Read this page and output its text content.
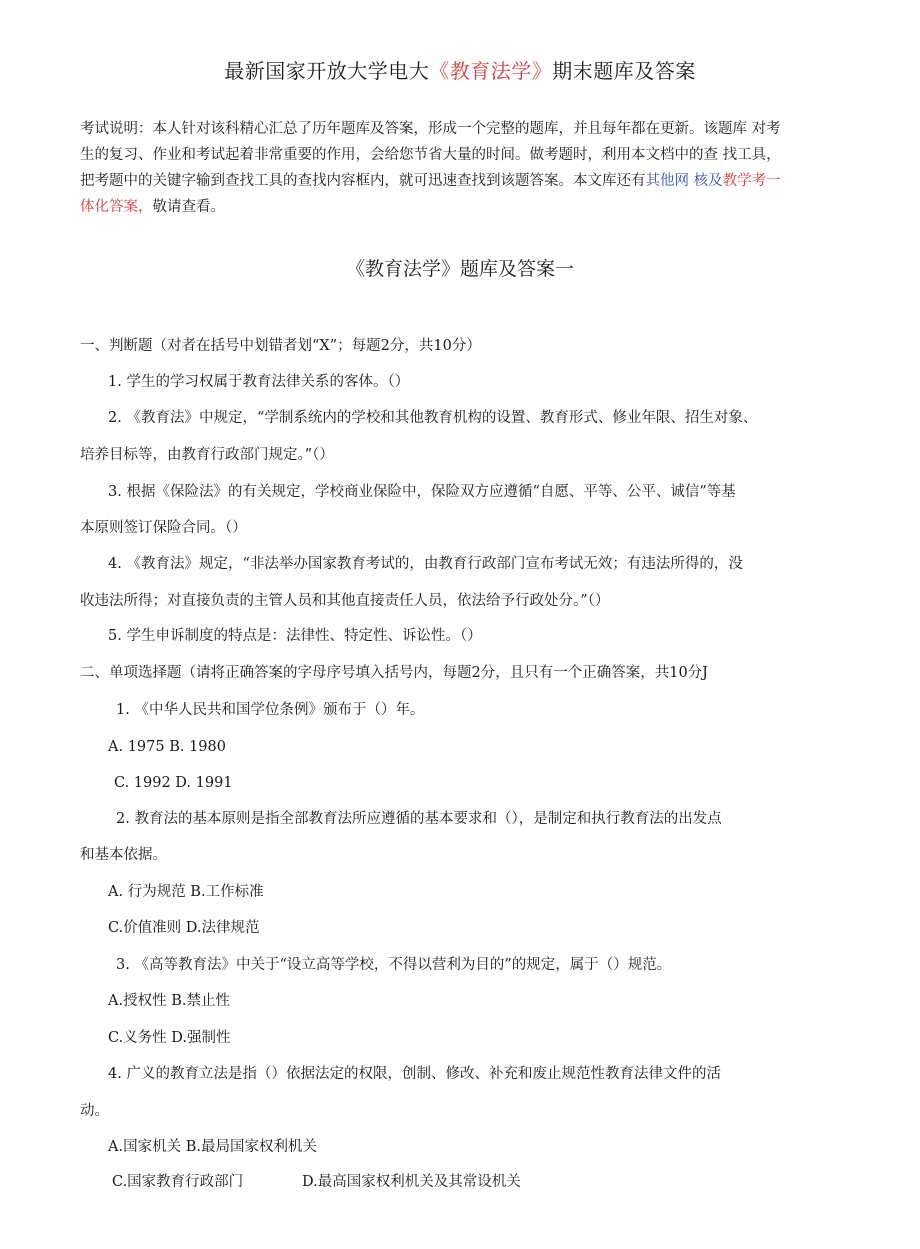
最新国家开放大学电大《教育法学》期末题库及答案
考试说明：本人针对该科精心汇总了历年题库及答案，形成一个完整的题库，并且每年都在更新。该题库 对考
生的复习、作业和考试起着非常重要的作用，会给您节省大量的时间。做考题时，利用本文档中的查 找工具，
把考题中的关键字输到查找工具的查找内容框内，就可迅速查找到该题答案。本文库还有其他网 核及教学考一
体化答案，敬请查看。
《教育法学》题库及答案一
一、判断题（对者在括号中划错者划“X”；每题2分，共10分）
1. 学生的学习权属于教育法律关系的客体。（）
2. 《教育法》中规定，“学制系统内的学校和其他教育机构的设置、教育形式、修业年限、招生对象、
培养目标等，由教育行政部门规定。”（）
3. 根据《保险法》的有关规定，学校商业保险中，保险双方应遵循“自愿、平等、公平、诚信”等基
本原则签订保险合同。（）
4. 《教育法》规定，“非法举办国家教育考试的，由教育行政部门宣布考试无效；有违法所得的，没
收违法所得；对直接负责的主管人员和其他直接责任人员，依法给予行政处分。”（）
5. 学生申诉制度的特点是：法律性、特定性、诉讼性。（）
二、单项选择题（请将正确答案的字母序号填入括号内，每题2分，且只有一个正确答案，共10分J
1. 《中华人民共和国学位条例》颁布于（）年。
A. 1975 B. 1980
C. 1992 D. 1991
2. 教育法的基本原则是指全部教育法所应遵循的基本要求和（），是制定和执行教育法的出发点
和基本依据。
A. 行为规范 B.工作标准
C.价值准则 D.法律规范
3. 《高等教育法》中关于“设立高等学校，不得以营利为目的”的规定，属于（）规范。
A.授权性 B.禁止性
C.义务性 D.强制性
4. 广义的教育立法是指（）依据法定的权限，创制、修改、补充和废止规范性教育法律文件的活
动。
A.国家机关 B.最局国家权利机关
C.国家教育行政部门	D.最高国家权利机关及其常设机关
